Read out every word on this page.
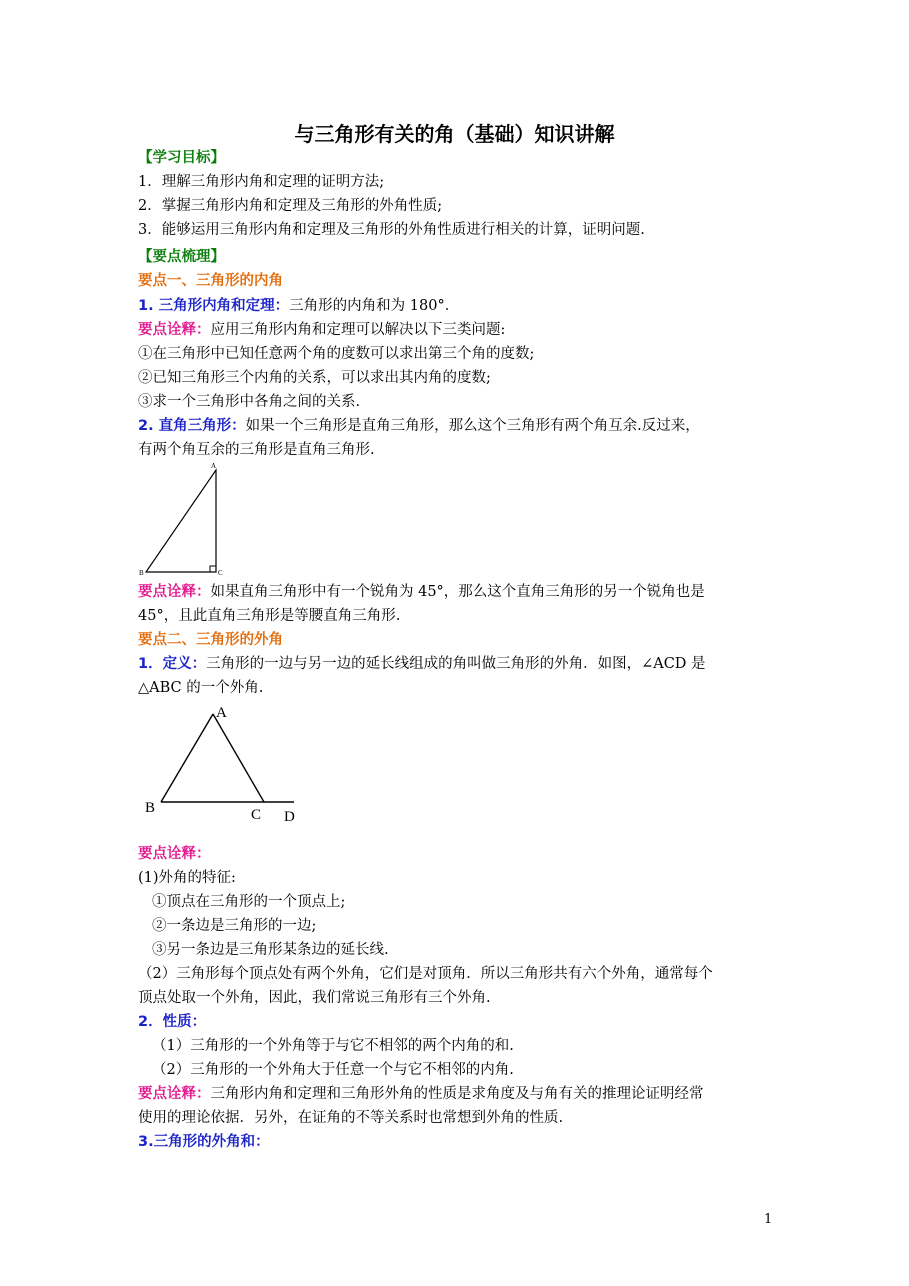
与三角形有关的角（基础）知识讲解
【学习目标】
1．理解三角形内角和定理的证明方法;
2．掌握三角形内角和定理及三角形的外角性质;
3．能够运用三角形内角和定理及三角形的外角性质进行相关的计算，证明问题.
【要点梳理】
要点一、三角形的内角
1. 三角形内角和定理：三角形的内角和为 180°．
要点诠释：应用三角形内角和定理可以解决以下三类问题:
①在三角形中已知任意两个角的度数可以求出第三个角的度数;
②已知三角形三个内角的关系，可以求出其内角的度数;
③求一个三角形中各角之间的关系.
2. 直角三角形：如果一个三角形是直角三角形，那么这个三角形有两个角互余.反过来，
有两个角互余的三角形是直角三角形.
A
B	C
要点诠释：如果直角三角形中有一个锐角为 45°，那么这个直角三角形的另一个锐角也是
45°，且此直角三角形是等腰直角三角形.
要点二、三角形的外角
1．定义：三角形的一边与另一边的延长线组成的角叫做三角形的外角．如图，∠ACD 是
△ABC 的一个外角.
A
B	C D
要点诠释：
(1)外角的特征:
①顶点在三角形的一个顶点上;
②一条边是三角形的一边;
③另一条边是三角形某条边的延长线.
（2）三角形每个顶点处有两个外角，它们是对顶角．所以三角形共有六个外角，通常每个
顶点处取一个外角，因此，我们常说三角形有三个外角.
2．性质：
（1）三角形的一个外角等于与它不相邻的两个内角的和.
（2）三角形的一个外角大于任意一个与它不相邻的内角.
要点诠释：三角形内角和定理和三角形外角的性质是求角度及与角有关的推理论证明经常
使用的理论依据．另外，在证角的不等关系时也常想到外角的性质.
3.三角形的外角和：
1
